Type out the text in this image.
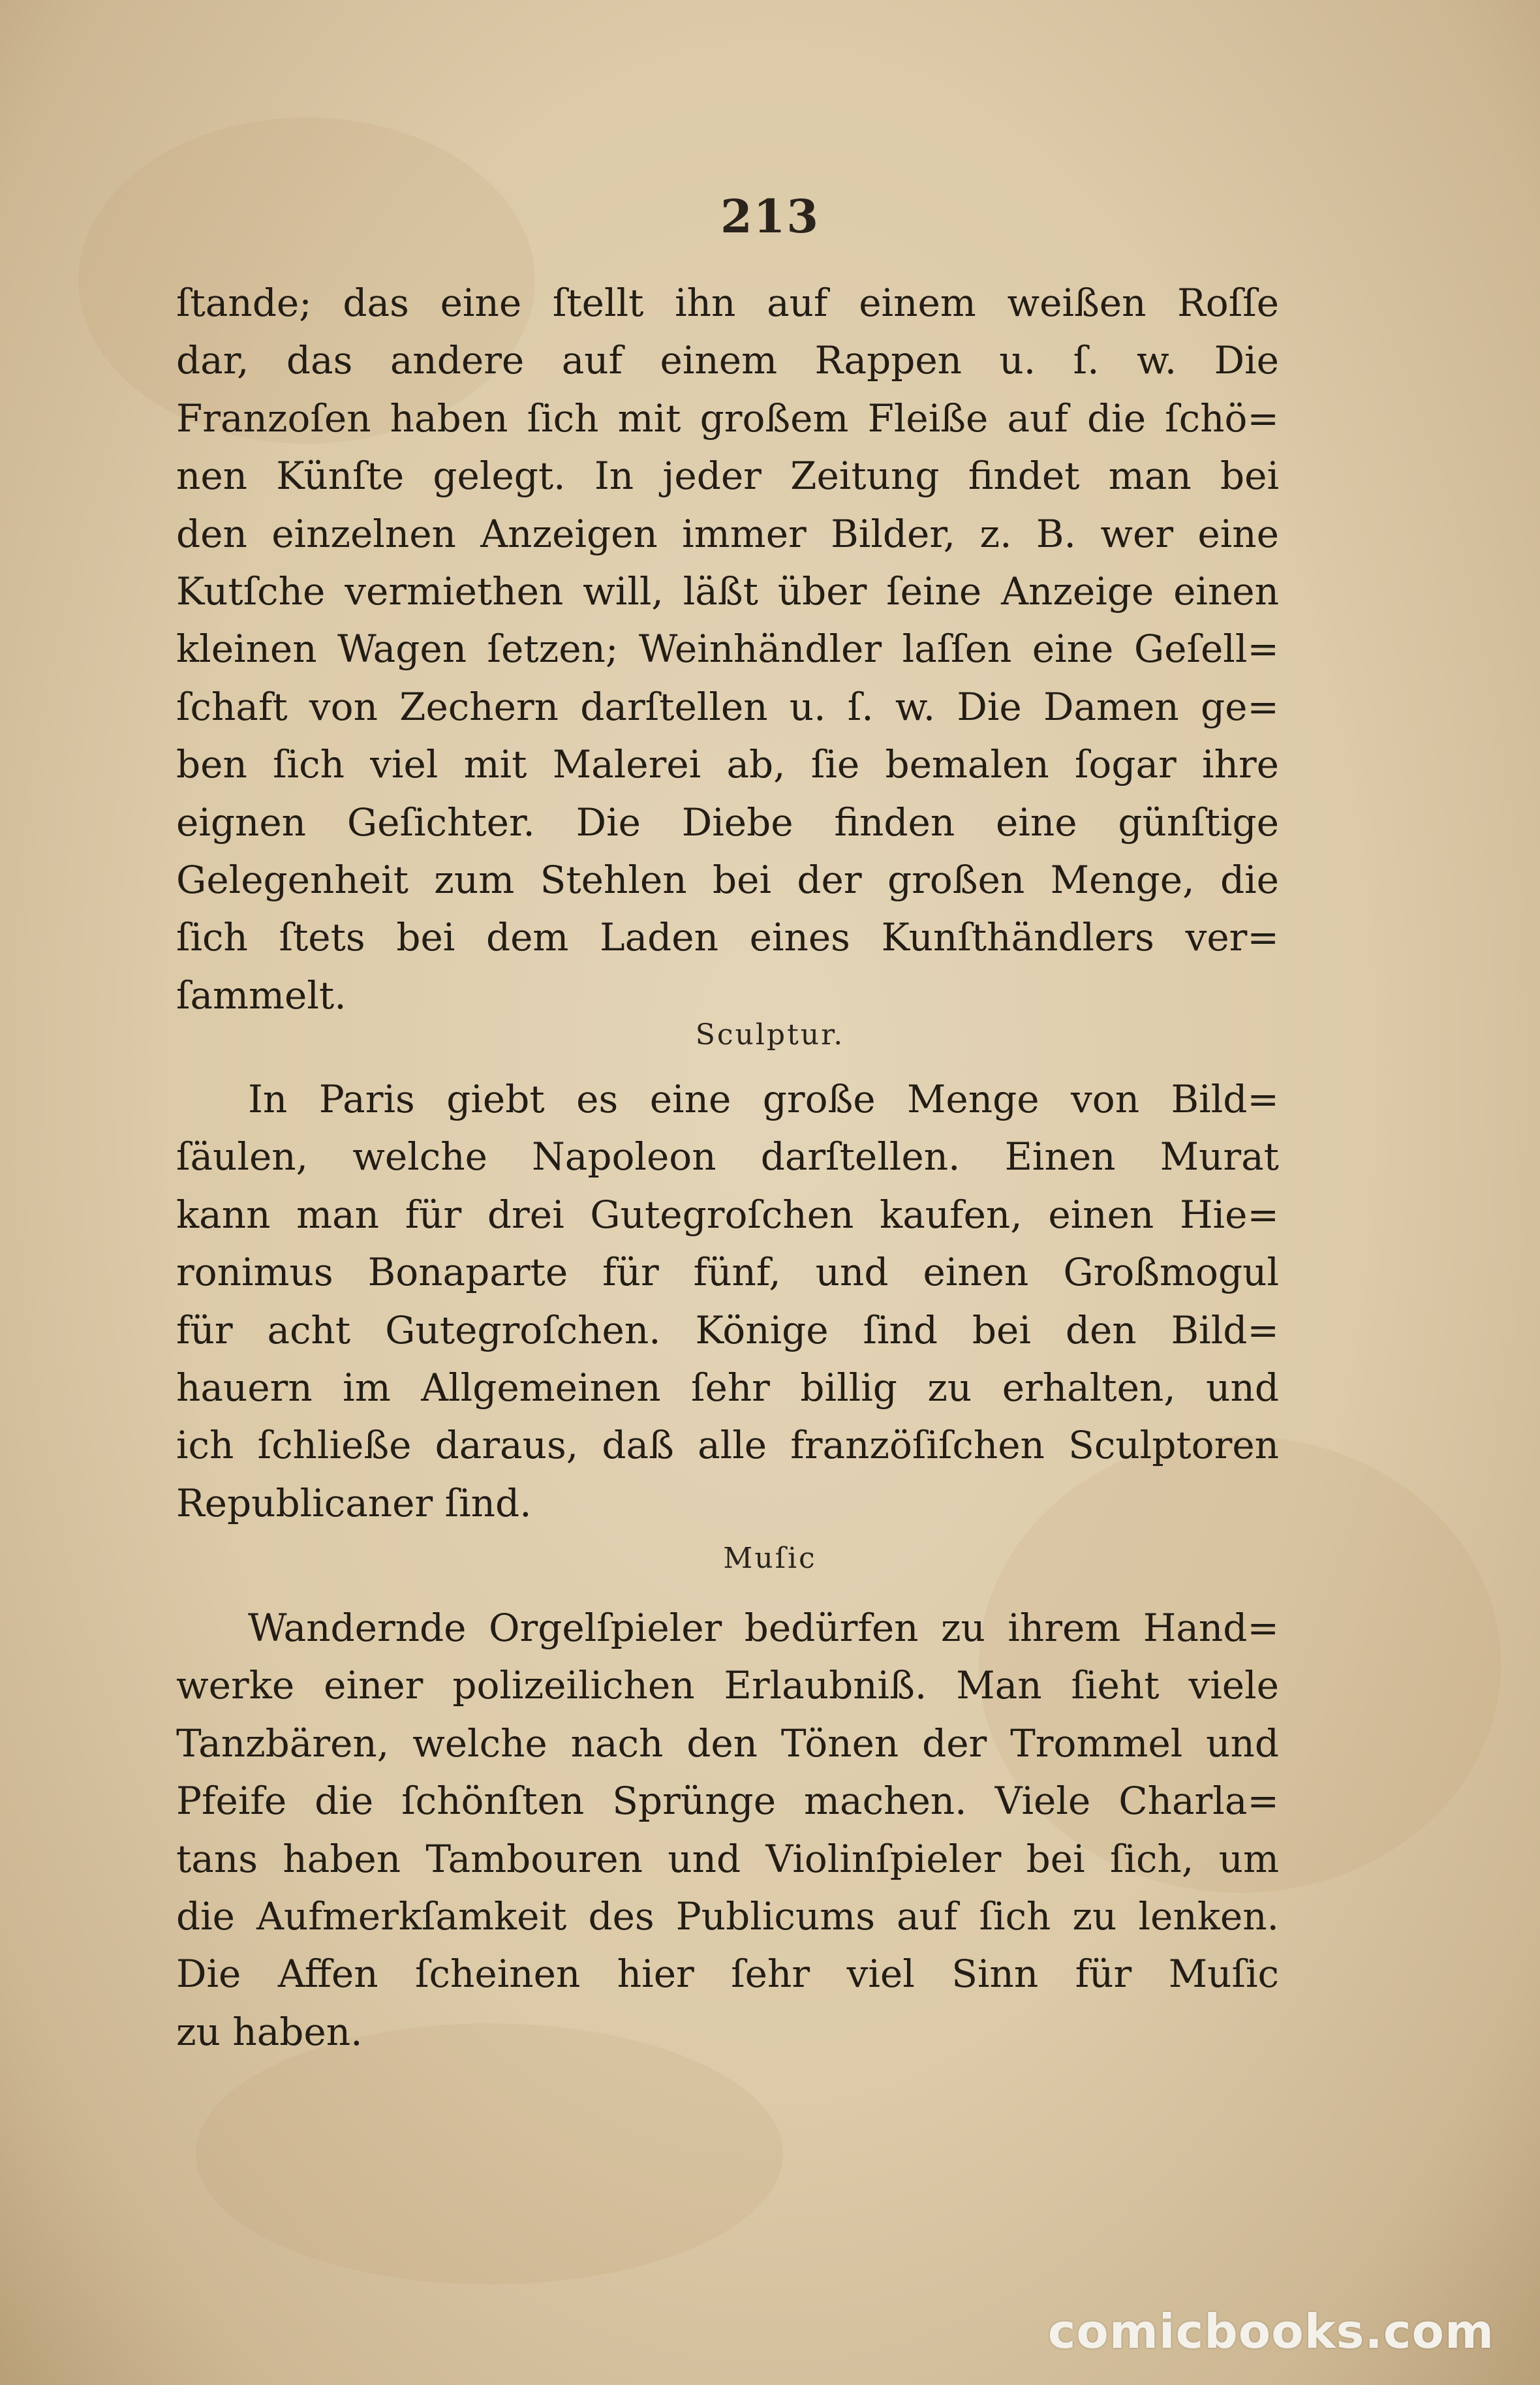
213
ſtande; das eine ſtellt ihn auf einem weißen Roſſe
dar, das andere auf einem Rappen u. ſ. w. Die
Franzoſen haben ſich mit großem Fleiße auf die ſchö=
nen Künſte gelegt. In jeder Zeitung findet man bei
den einzelnen Anzeigen immer Bilder, z. B. wer eine
Kutſche vermiethen will, läßt über ſeine Anzeige einen
kleinen Wagen ſetzen; Weinhändler laſſen eine Geſell=
ſchaft von Zechern darſtellen u. ſ. w. Die Damen ge=
ben ſich viel mit Malerei ab, ſie bemalen ſogar ihre
eignen Geſichter. Die Diebe finden eine günſtige
Gelegenheit zum Stehlen bei der großen Menge, die
ſich ſtets bei dem Laden eines Kunſthändlers ver=
ſammelt.
Sculptur.
In Paris giebt es eine große Menge von Bild=
ſäulen, welche Napoleon darſtellen. Einen Murat
kann man für drei Gutegroſchen kaufen, einen Hie=
ronimus Bonaparte für fünf, und einen Großmogul
für acht Gutegroſchen. Könige ſind bei den Bild=
hauern im Allgemeinen ſehr billig zu erhalten, und
ich ſchließe daraus, daß alle franzöſiſchen Sculptoren
Republicaner ſind.
Muſic
Wandernde Orgelſpieler bedürfen zu ihrem Hand=
werke einer polizeilichen Erlaubniß. Man ſieht viele
Tanzbären, welche nach den Tönen der Trommel und
Pfeife die ſchönſten Sprünge machen. Viele Charla=
tans haben Tambouren und Violinſpieler bei ſich, um
die Aufmerkſamkeit des Publicums auf ſich zu lenken.
Die Affen ſcheinen hier ſehr viel Sinn für Muſic
zu haben.
comicbooks.com
